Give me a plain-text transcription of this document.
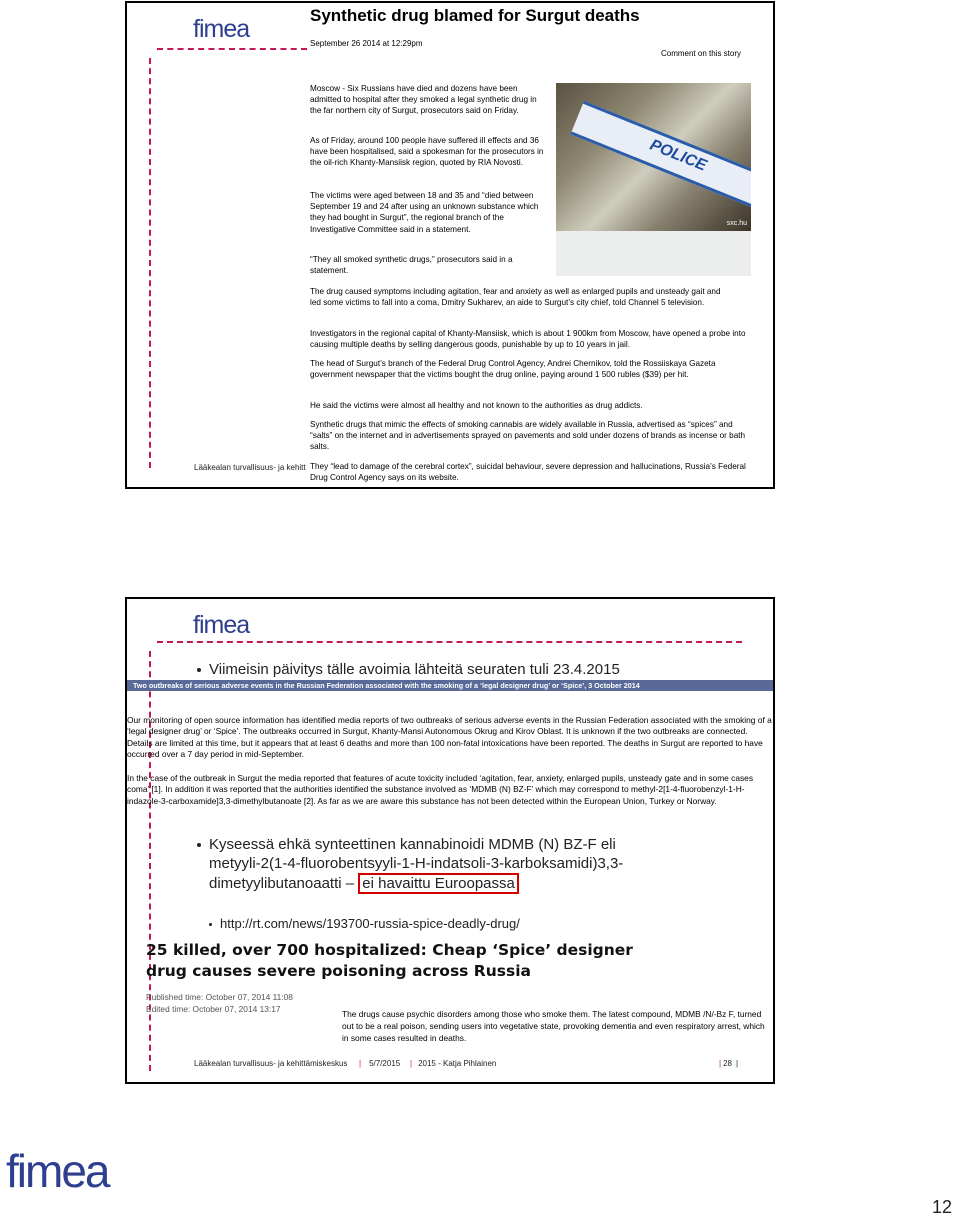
fimea	Synthetic drug blamed for Surgut deaths
September 26 2014 at 12:29pm
Comment on this story

Moscow - Six Russians have died and dozens have been admitted to hospital after they smoked a legal synthetic drug in the far northern city of Surgut, prosecutors said on Friday.

As of Friday, around 100 people have suffered ill effects and 36 have been hospitalised, said a spokesman for the prosecutors in the oil-rich Khanty-Mansiisk region, quoted by RIA Novosti.

The victims were aged between 18 and 35 and “died between September 19 and 24 after using an unknown substance which they had bought in Surgut”, the regional branch of the Investigative Committee said in a statement.

“They all smoked synthetic drugs,” prosecutors said in a statement.

POLICE
sxc.hu

The drug caused symptoms including agitation, fear and anxiety as well as enlarged pupils and unsteady gait and led some victims to fall into a coma, Dmitry Sukharev, an aide to Surgut’s city chief, told Channel 5 television.

Investigators in the regional capital of Khanty-Mansiisk, which is about 1 900km from Moscow, have opened a probe into causing multiple deaths by selling dangerous goods, punishable by up to 10 years in jail.

The head of Surgut’s branch of the Federal Drug Control Agency, Andrei Chernikov, told the Rossiiskaya Gazeta government newspaper that the victims bought the drug online, paying around 1 500 rubles ($39) per hit.

He said the victims were almost all healthy and not known to the authorities as drug addicts.

Synthetic drugs that mimic the effects of smoking cannabis are widely available in Russia, advertised as “spices” and “salts” on the internet and in advertisements sprayed on pavements and sold under dozens of brands as incense or bath salts.

They “lead to damage of the cerebral cortex”, suicidal behaviour, severe depression and hallucinations, Russia’s Federal Drug Control Agency says on its website.

Lääkealan turvallisuus- ja kehitt
fimea
Viimeisin päivitys tälle avoimia lähteitä seuraten tuli 23.4.2015
Two outbreaks of serious adverse events in the Russian Federation associated with the smoking of a ‘legal designer drug’ or ‘Spice’, 3 October 2014

Our monitoring of open source information has identified media reports of two outbreaks of serious adverse events in the Russian Federation associated with the smoking of a ‘legal designer drug’ or ‘Spice’. The outbreaks occurred in Surgut, Khanty-Mansi Autonomous Okrug and Kirov Oblast. It is unknown if the two outbreaks are connected. Details are limited at this time, but it appears that at least 6 deaths and more than 100 non-fatal intoxications have been reported. The deaths in Surgut are reported to have occurred over a 7 day period in mid-September.

In the case of the outbreak in Surgut the media reported that features of acute toxicity included ‘agitation, fear, anxiety, enlarged pupils, unsteady gate and in some cases coma’ [1]. In addition it was reported that the authorities identified the substance involved as ‘MDMB (N) BZ-F’ which may correspond to methyl-2[1-4-fluorobenzyl-1-H-indazole-3-carboxamide]3,3-dimethylbutanoate [2]. As far as we are aware this substance has not been detected within the European Union, Turkey or Norway.

Kyseessä ehkä synteettinen kannabinoidi MDMB (N) BZ-F eli
metyyli-2(1-4-fluorobentsyyli-1-H-indatsoli-3-karboksamidi)3,3-
dimetyylibutanoaatti – ei havaittu Euroopassa
http://rt.com/news/193700-russia-spice-deadly-drug/
25 killed, over 700 hospitalized: Cheap ‘Spice’ designer
drug causes severe poisoning across Russia
Published time: October 07, 2014 11:08
Edited time: October 07, 2014 13:17

The drugs cause psychic disorders among those who smoke them. The latest compound, MDMB /N/-Bz F, turned out to be a real poison, sending users into vegetative state, provoking dementia and even respiratory arrest, which in some cases resulted in deaths.

Lääkealan turvallisuus- ja kehittämiskeskus | 5/7/2015 | 2015 - Katja Pihlainen	| 28 |
fimea
12
